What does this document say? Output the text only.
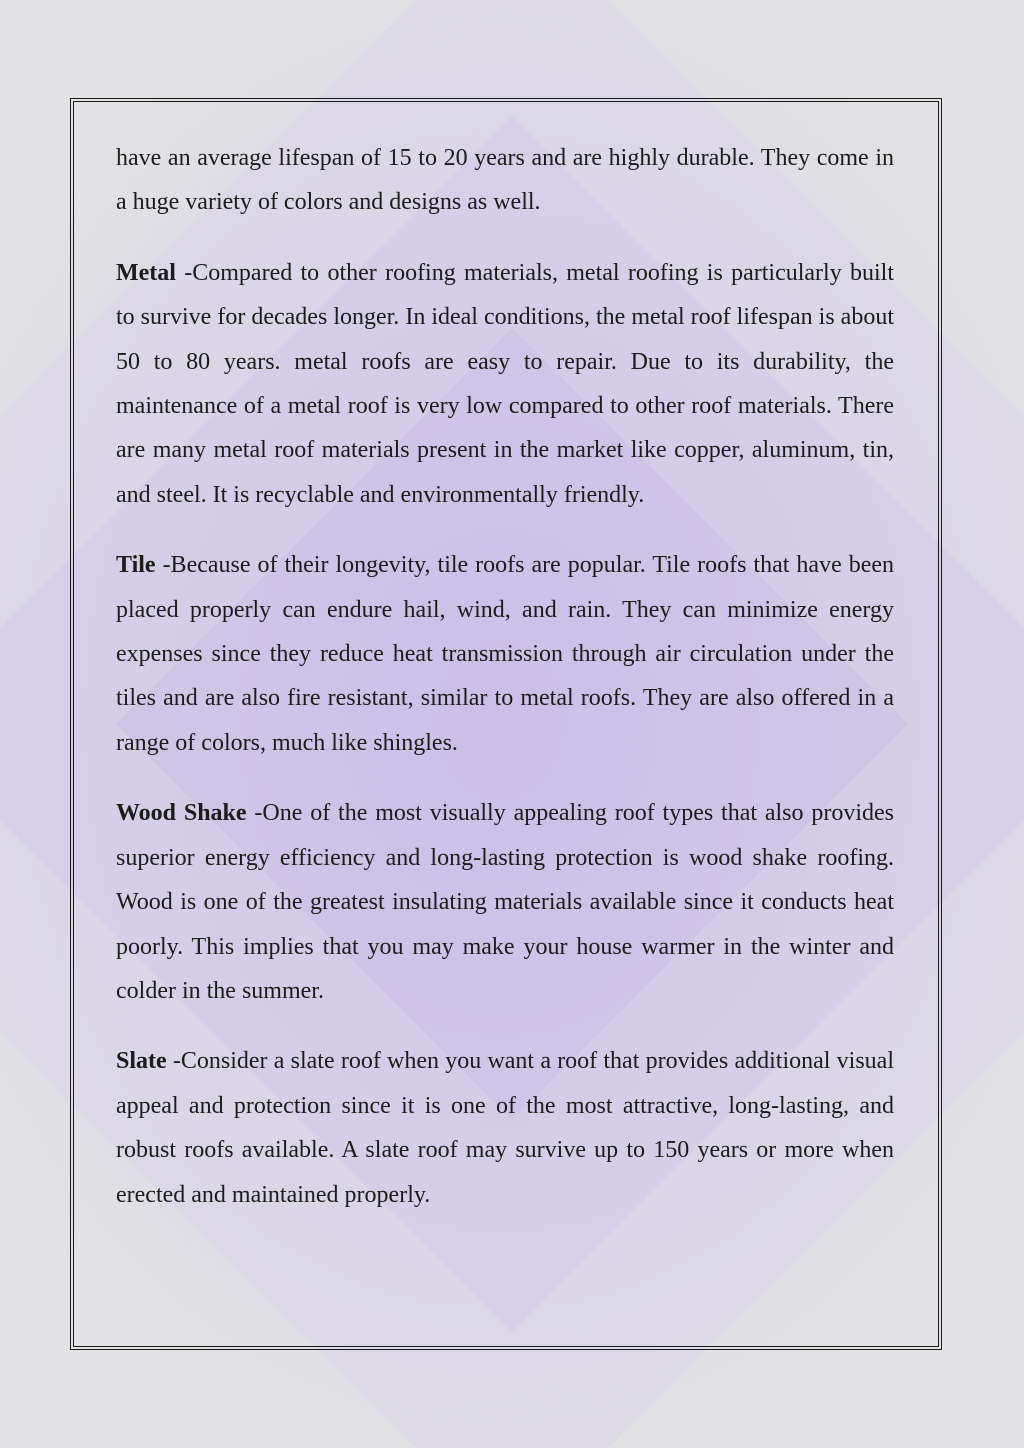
have an average lifespan of 15 to 20 years and are highly durable. They come in a huge variety of colors and designs as well.

Metal -Compared to other roofing materials, metal roofing is particularly built to survive for decades longer. In ideal conditions, the metal roof lifespan is about 50 to 80 years. metal roofs are easy to repair. Due to its durability, the maintenance of a metal roof is very low compared to other roof materials. There are many metal roof materials present in the market like copper, aluminum, tin, and steel. It is recyclable and environmentally friendly.

Tile -Because of their longevity, tile roofs are popular. Tile roofs that have been placed properly can endure hail, wind, and rain. They can minimize energy expenses since they reduce heat transmission through air circulation under the tiles and are also fire resistant, similar to metal roofs. They are also offered in a range of colors, much like shingles.

Wood Shake -One of the most visually appealing roof types that also provides superior energy efficiency and long-lasting protection is wood shake roofing. Wood is one of the greatest insulating materials available since it conducts heat poorly. This implies that you may make your house warmer in the winter and colder in the summer.

Slate -Consider a slate roof when you want a roof that provides additional visual appeal and protection since it is one of the most attractive, long-lasting, and robust roofs available. A slate roof may survive up to 150 years or more when erected and maintained properly.
